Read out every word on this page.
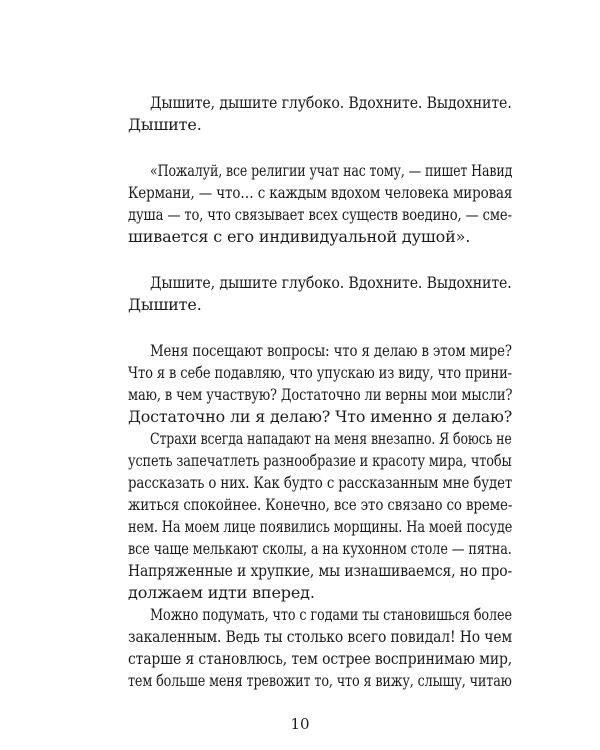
Дышите, дышите глубоко. Вдохните. Выдохните.
Дышите.
«Пожалуй, все религии учат нас тому, — пишет Навид
Кермани, — что… с каждым вдохом человека мировая
душа — то, что связывает всех существ воедино, — сме-
шивается с его индивидуальной душой».
Дышите, дышите глубоко. Вдохните. Выдохните.
Дышите.
Меня посещают вопросы: что я делаю в этом мире?
Что я в себе подавляю, что упускаю из виду, что прини-
маю, в чем участвую? Достаточно ли верны мои мысли?
Достаточно ли я делаю? Что именно я делаю?
Страхи всегда нападают на меня внезапно. Я боюсь не
успеть запечатлеть разнообразие и красоту мира, чтобы
рассказать о них. Как будто с рассказанным мне будет
житься спокойнее. Конечно, все это связано со време-
нем. На моем лице появились морщины. На моей посуде
все чаще мелькают сколы, а на кухонном столе — пятна.
Напряженные и хрупкие, мы изнашиваемся, но про-
должаем идти вперед.
Можно подумать, что с годами ты становишься более
закаленным. Ведь ты столько всего повидал! Но чем
старше я становлюсь, тем острее воспринимаю мир,
тем больше меня тревожит то, что я вижу, слышу, читаю
10
